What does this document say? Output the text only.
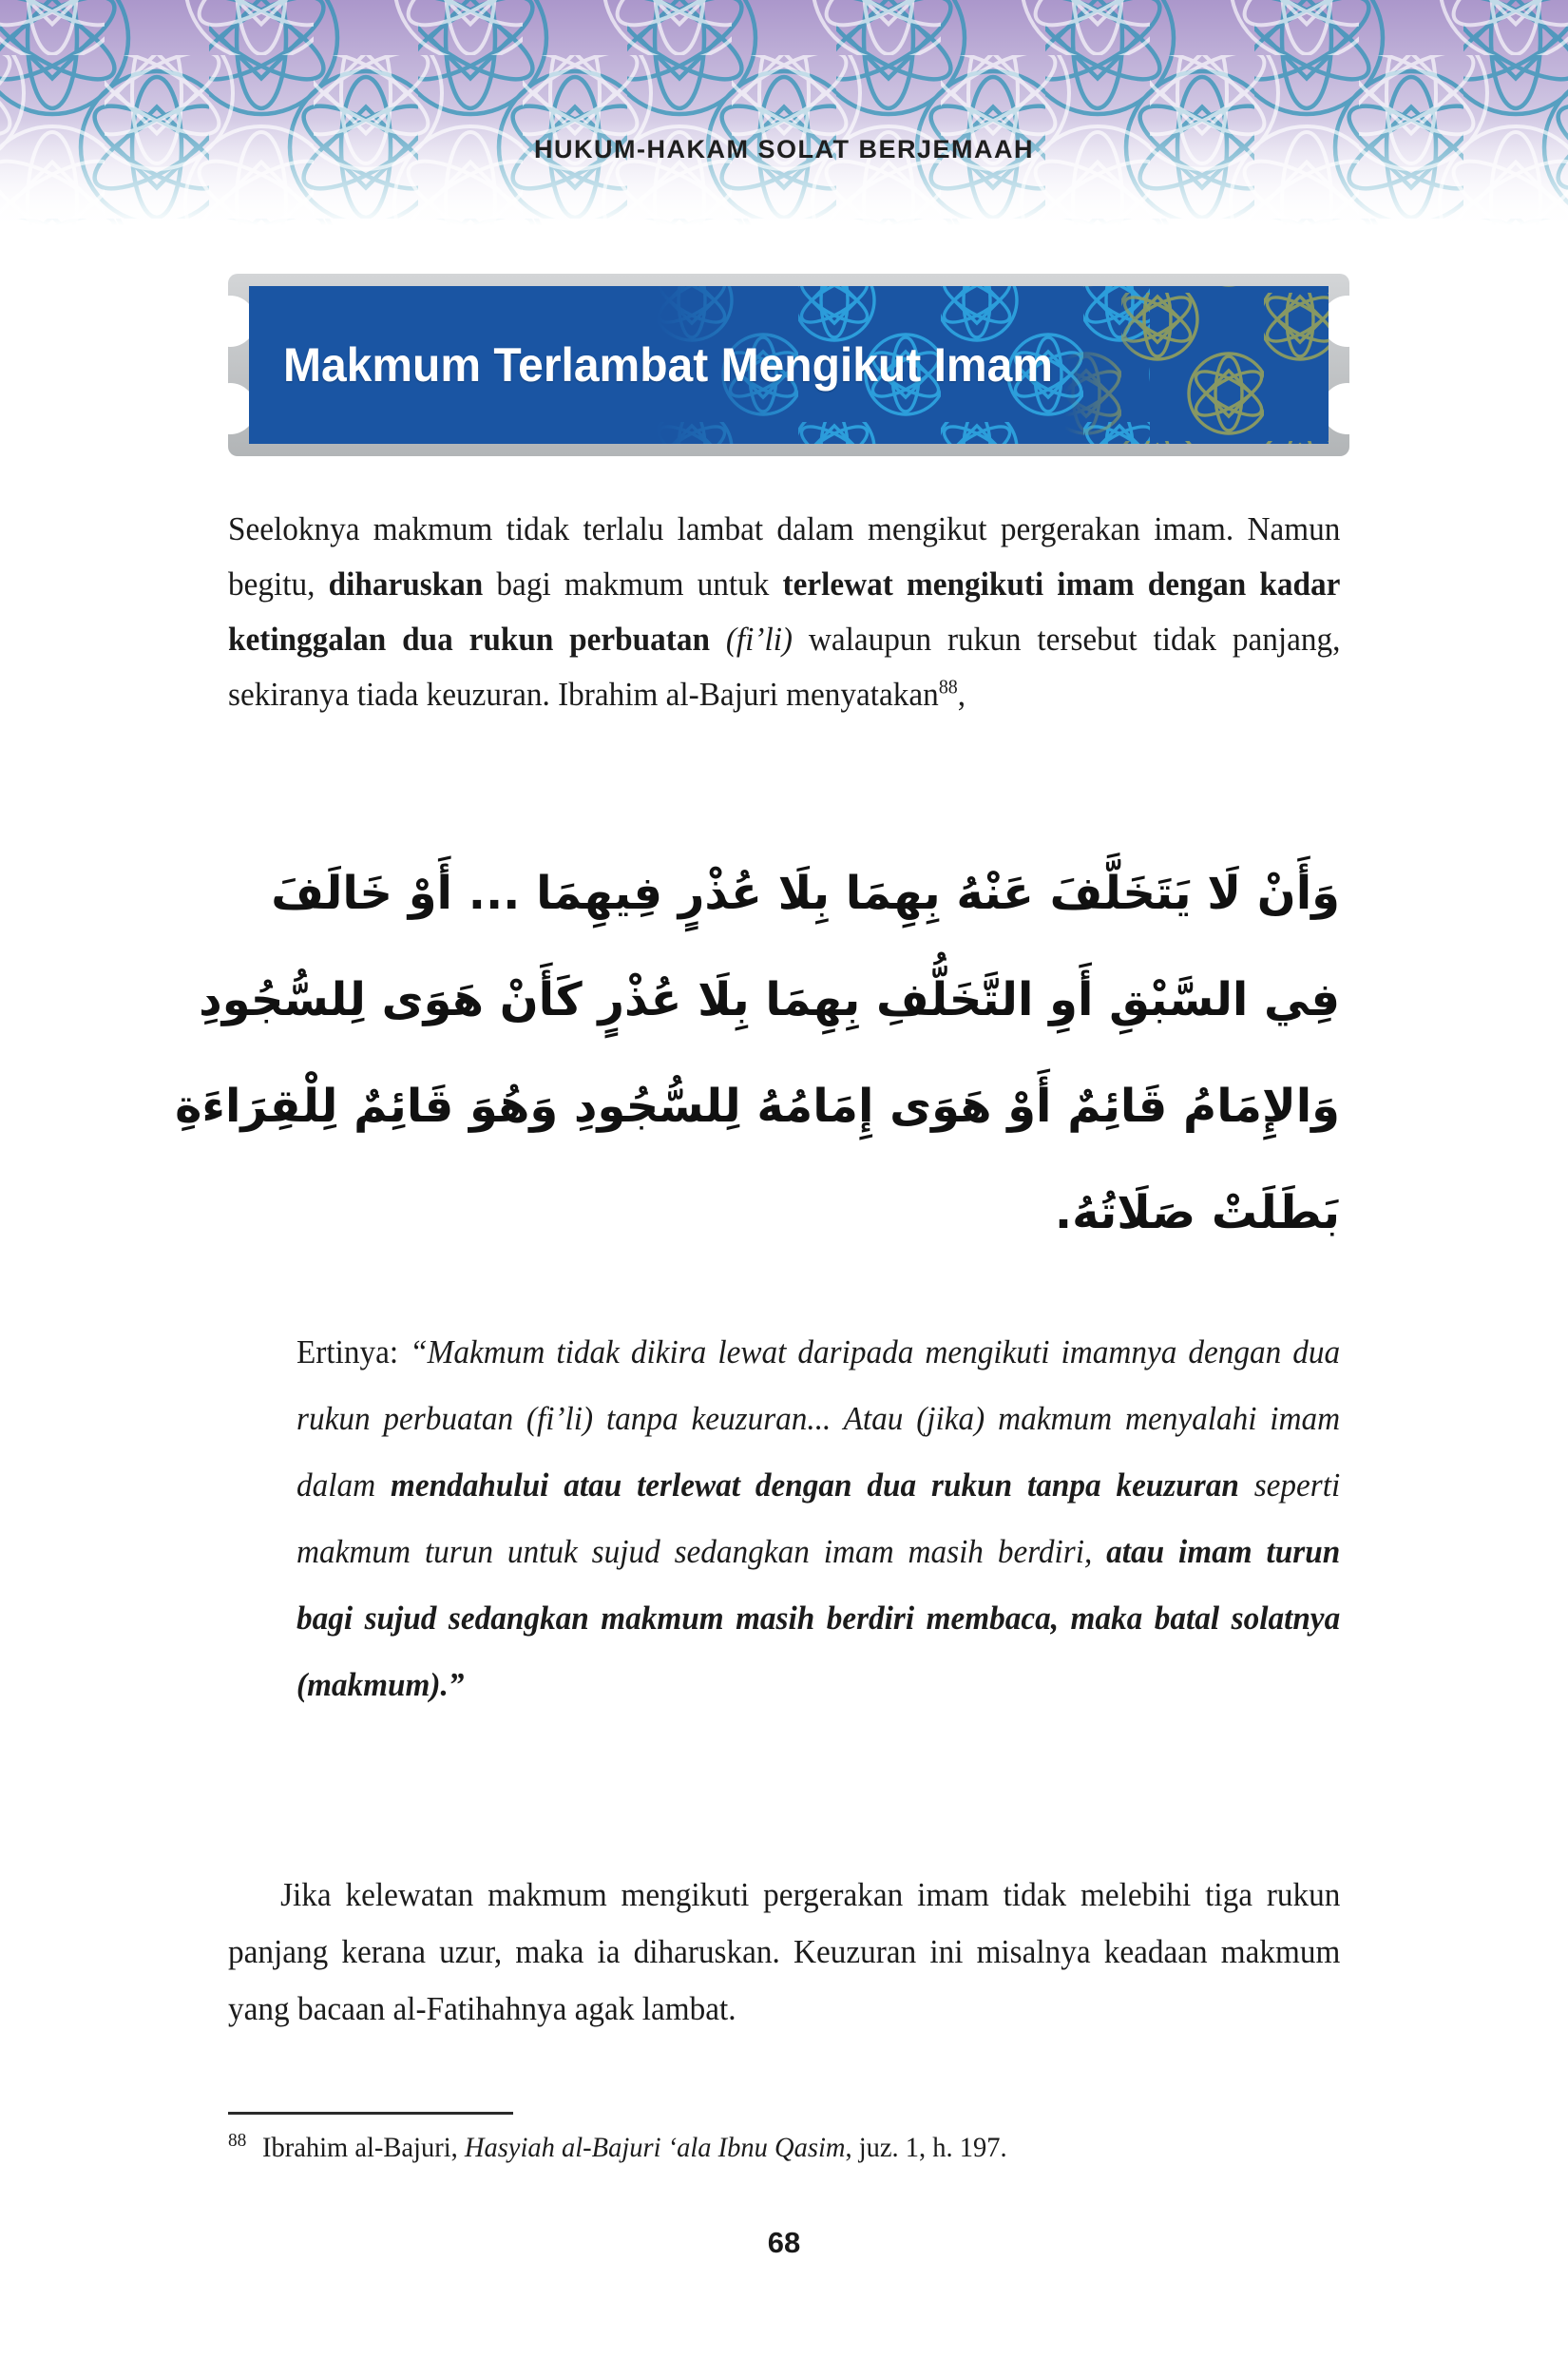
HUKUM-HAKAM SOLAT BERJEMAAH
Makmum Terlambat Mengikut Imam

Seeloknya makmum tidak terlalu lambat dalam mengikut pergerakan imam. Namun begitu, diharuskan bagi makmum untuk terlewat mengikuti imam dengan kadar ketinggalan dua rukun perbuatan (fi’li) walaupun rukun tersebut tidak panjang, sekiranya tiada keuzuran. Ibrahim al-Bajuri menyatakan$^{88}$,

وَأَنْ لَا يَتَخَلَّفَ عَنْهُ بِهِمَا بِلَا عُذْرٍ فِيهِمَا ... أَوْ خَالَفَ
فِي السَّبْقِ أَوِ التَّخَلُّفِ بِهِمَا بِلَا عُذْرٍ كَأَنْ هَوَى لِلسُّجُودِ
وَالإِمَامُ قَائِمٌ أَوْ هَوَى إِمَامُهُ لِلسُّجُودِ وَهُوَ قَائِمٌ لِلْقِرَاءَةِ
بَطَلَتْ صَلَاتُهُ.

Ertinya: “Makmum tidak dikira lewat daripada mengikuti imamnya dengan dua rukun perbuatan (fi’li) tanpa keuzuran... Atau (jika) makmum menyalahi imam dalam mendahului atau terlewat dengan dua rukun tanpa keuzuran seperti makmum turun untuk sujud sedangkan imam masih berdiri, atau imam turun bagi sujud sedangkan makmum masih berdiri membaca, maka batal solatnya (makmum).”

Jika kelewatan makmum mengikuti pergerakan imam tidak melebihi tiga rukun panjang kerana uzur, maka ia diharuskan. Keuzuran ini misalnya keadaan makmum yang bacaan al-Fatihahnya agak lambat.

$^{88}$ Ibrahim al-Bajuri, Hasyiah al-Bajuri ‘ala Ibnu Qasim, juz. 1, h. 197.

68
